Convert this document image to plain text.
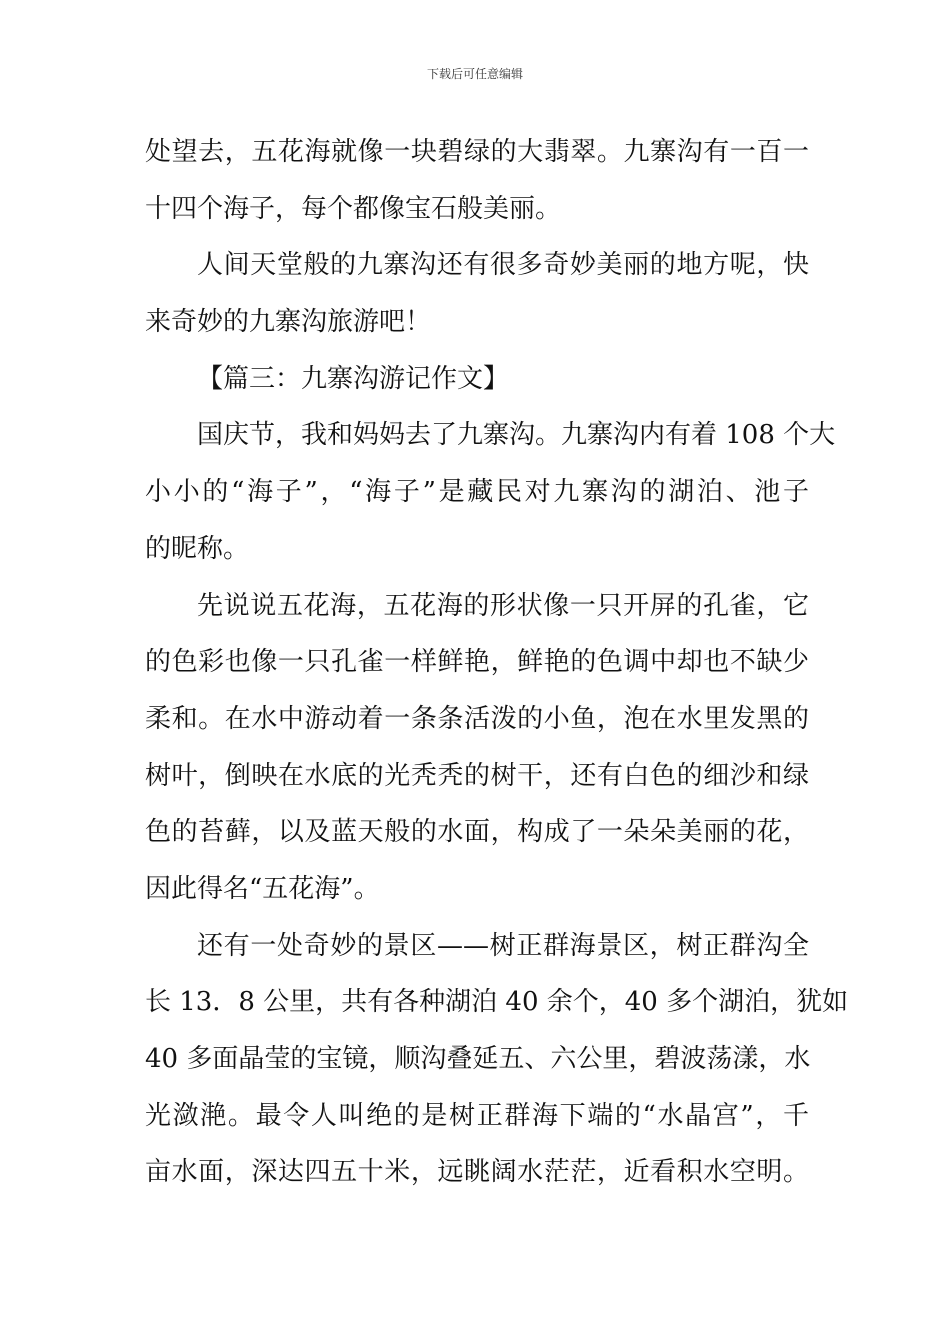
下载后可任意编辑
处望去，五花海就像一块碧绿的大翡翠。九寨沟有一百一
十四个海子，每个都像宝石般美丽。
人间天堂般的九寨沟还有很多奇妙美丽的地方呢，快
来奇妙的九寨沟旅游吧！
【篇三：九寨沟游记作文】
国庆节，我和妈妈去了九寨沟。九寨沟内有着 108 个大
小小的“海子”，“海子”是藏民对九寨沟的湖泊、池子
的昵称。
先说说五花海，五花海的形状像一只开屏的孔雀，它
的色彩也像一只孔雀一样鲜艳，鲜艳的色调中却也不缺少
柔和。在水中游动着一条条活泼的小鱼，泡在水里发黑的
树叶，倒映在水底的光秃秃的树干，还有白色的细沙和绿
色的苔藓，以及蓝天般的水面，构成了一朵朵美丽的花，
因此得名“五花海”。
还有一处奇妙的景区——树正群海景区，树正群沟全
长 13．8 公里，共有各种湖泊 40 余个，40 多个湖泊，犹如
40 多面晶莹的宝镜，顺沟叠延五、六公里，碧波荡漾，水
光潋滟。最令人叫绝的是树正群海下端的“水晶宫”，千
亩水面，深达四五十米，远眺阔水茫茫，近看积水空明。
